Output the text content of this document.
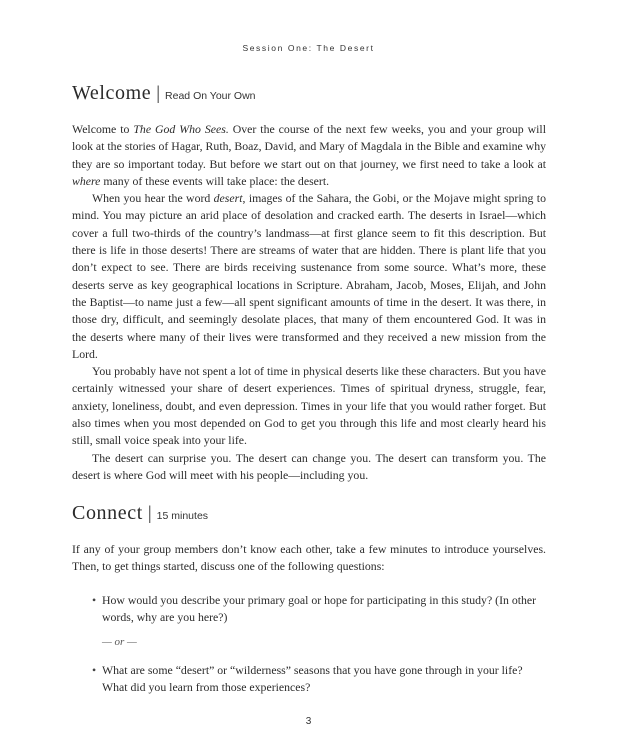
Session One: The Desert
Welcome | Read On Your Own

Welcome to The God Who Sees. Over the course of the next few weeks, you and your group will look at the stories of Hagar, Ruth, Boaz, David, and Mary of Magdala in the Bible and examine why they are so important today. But before we start out on that journey, we first need to take a look at where many of these events will take place: the desert.

When you hear the word desert, images of the Sahara, the Gobi, or the Mojave might spring to mind. You may picture an arid place of desolation and cracked earth. The deserts in Israel—which cover a full two-thirds of the country’s landmass—at first glance seem to fit this description. But there is life in those deserts! There are streams of water that are hidden. There is plant life that you don’t expect to see. There are birds receiving sustenance from some source. What’s more, these deserts serve as key geographical locations in Scripture. Abraham, Jacob, Moses, Elijah, and John the Baptist—to name just a few—all spent significant amounts of time in the desert. It was there, in those dry, difficult, and seemingly desolate places, that many of them encountered God. It was in the deserts where many of their lives were transformed and they received a new mission from the Lord.

You probably have not spent a lot of time in physical deserts like these characters. But you have certainly witnessed your share of desert experiences. Times of spiritual dryness, struggle, fear, anxiety, loneliness, doubt, and even depression. Times in your life that you would rather forget. But also times when you most depended on God to get you through this life and most clearly heard his still, small voice speak into your life.

The desert can surprise you. The desert can change you. The desert can transform you. The desert is where God will meet with his people—including you.

Connect | 15 minutes

If any of your group members don’t know each other, take a few minutes to introduce yourselves. Then, to get things started, discuss one of the following questions:

• How would you describe your primary goal or hope for participating in this study? (In other words, why are you here?)
— or —
• What are some “desert” or “wilderness” seasons that you have gone through in your life? What did you learn from those experiences?
3
